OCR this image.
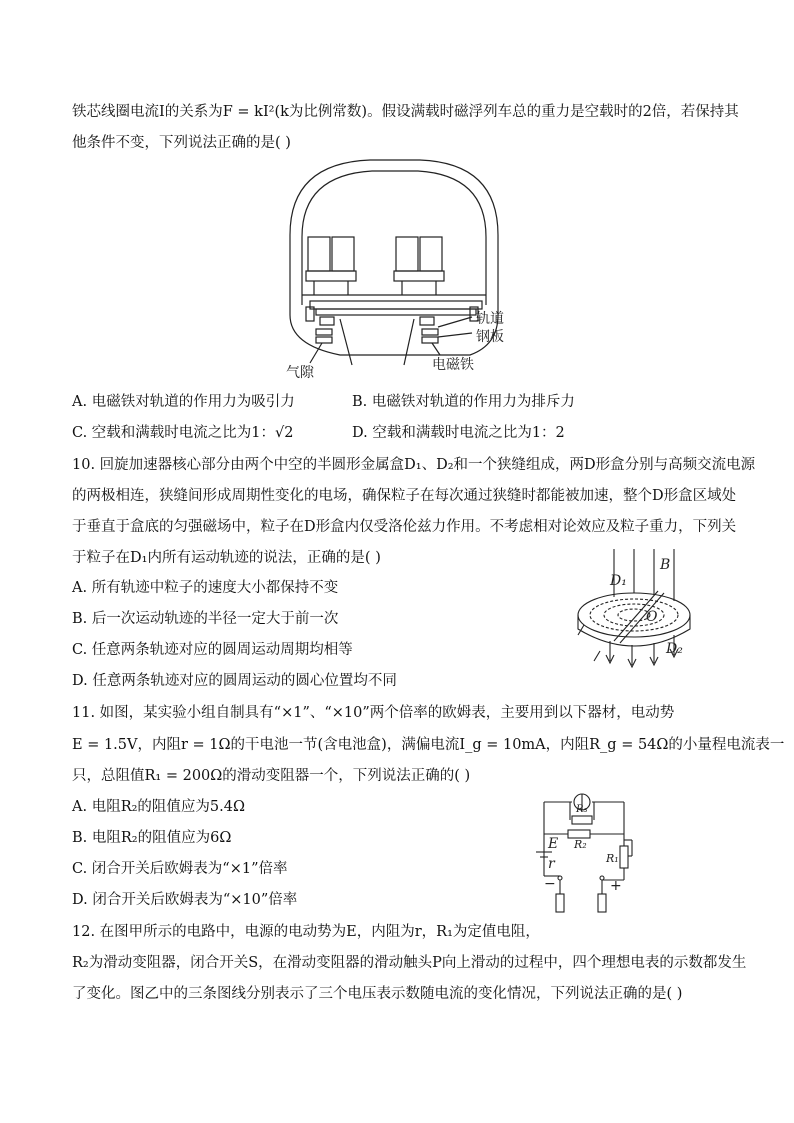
铁芯线圈电流I的关系为F = kI²(k为比例常数)。假设满载时磁浮列车总的重力是空载时的2倍，若保持其
他条件不变，下列说法正确的是( )
轨道
钢板
气隙	电磁铁
A. 电磁铁对轨道的作用力为吸引力	B. 电磁铁对轨道的作用力为排斥力
C. 空载和满载时电流之比为1：√2	D. 空载和满载时电流之比为1：2
10. 回旋加速器核心部分由两个中空的半圆形金属盒D₁、D₂和一个狭缝组成，两D形盒分别与高频交流电源
的两极相连，狭缝间形成周期性变化的电场，确保粒子在每次通过狭缝时都能被加速，整个D形盒区域处
于垂直于盒底的匀强磁场中，粒子在D形盒内仅受洛伦兹力作用。不考虑相对论效应及粒子重力，下列关
于粒子在D₁内所有运动轨迹的说法，正确的是( )
D₁
B
O
D₂
A. 所有轨迹中粒子的速度大小都保持不变
B. 后一次运动轨迹的半径一定大于前一次
C. 任意两条轨迹对应的圆周运动周期均相等
D. 任意两条轨迹对应的圆周运动的圆心位置均不同
11. 如图，某实验小组自制具有“×1”、“×10”两个倍率的欧姆表，主要用到以下器材，电动势
E = 1.5V，内阻r = 1Ω的干电池一节(含电池盒)，满偏电流I_g = 10mA，内阻R_g = 54Ω的小量程电流表一
只，总阻值R₁ = 200Ω的滑动变阻器一个，下列说法正确的( )
E
r
R₃
R₂
R₁
−	+
A. 电阻R₂的阻值应为5.4Ω
B. 电阻R₂的阻值应为6Ω
C. 闭合开关后欧姆表为“×1”倍率
D. 闭合开关后欧姆表为“×10”倍率
12. 在图甲所示的电路中，电源的电动势为E，内阻为r，R₁为定值电阻，
R₂为滑动变阻器，闭合开关S，在滑动变阻器的滑动触头P向上滑动的过程中，四个理想电表的示数都发生
了变化。图乙中的三条图线分别表示了三个电压表示数随电流的变化情况，下列说法正确的是( )
